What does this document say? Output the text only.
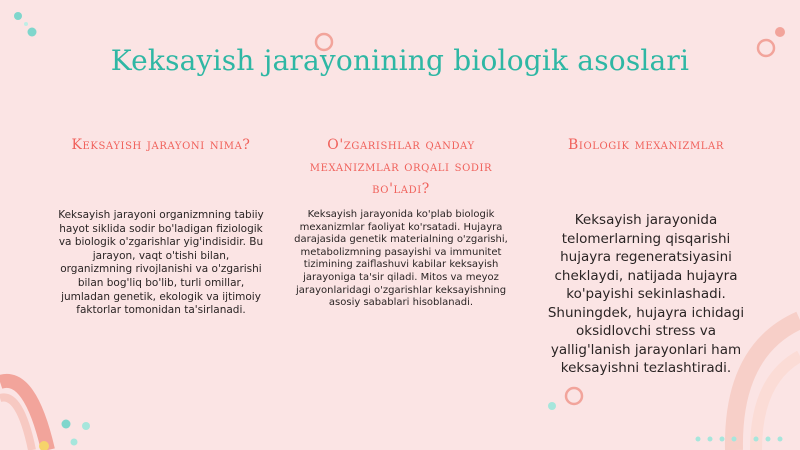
Keksayish jarayonining biologik asoslari
Keksayish jarayoni nima?
Keksayish jarayoni organizmning tabiiy hayot siklida sodir bo'ladigan fiziologik va biologik o'zgarishlar yig'indisidir. Bu jarayon, vaqt o'tishi bilan, organizmning rivojlanishi va o'zgarishi bilan bog'liq bo'lib, turli omillar, jumladan genetik, ekologik va ijtimoiy faktorlar tomonidan ta'sirlanadi.
O'zgarishlar qanday mexanizmlar orqali sodir bo'ladi?
Keksayish jarayonida ko'plab biologik mexanizmlar faoliyat ko'rsatadi. Hujayra darajasida genetik materialning o'zgarishi, metabolizmning pasayishi va immunitet tizimining zaiflashuvi kabilar keksayish jarayoniga ta'sir qiladi. Mitos va meyoz jarayonlaridagi o'zgarishlar keksayishning asosiy sabablari hisoblanadi.
Biologik mexanizmlar
Keksayish jarayonida telomerlarning qisqarishi hujayra regeneratsiyasini cheklaydi, natijada hujayra ko'payishi sekinlashadi. Shuningdek, hujayra ichidagi oksidlovchi stress va yallig'lanish jarayonlari ham keksayishni tezlashtiradi.
